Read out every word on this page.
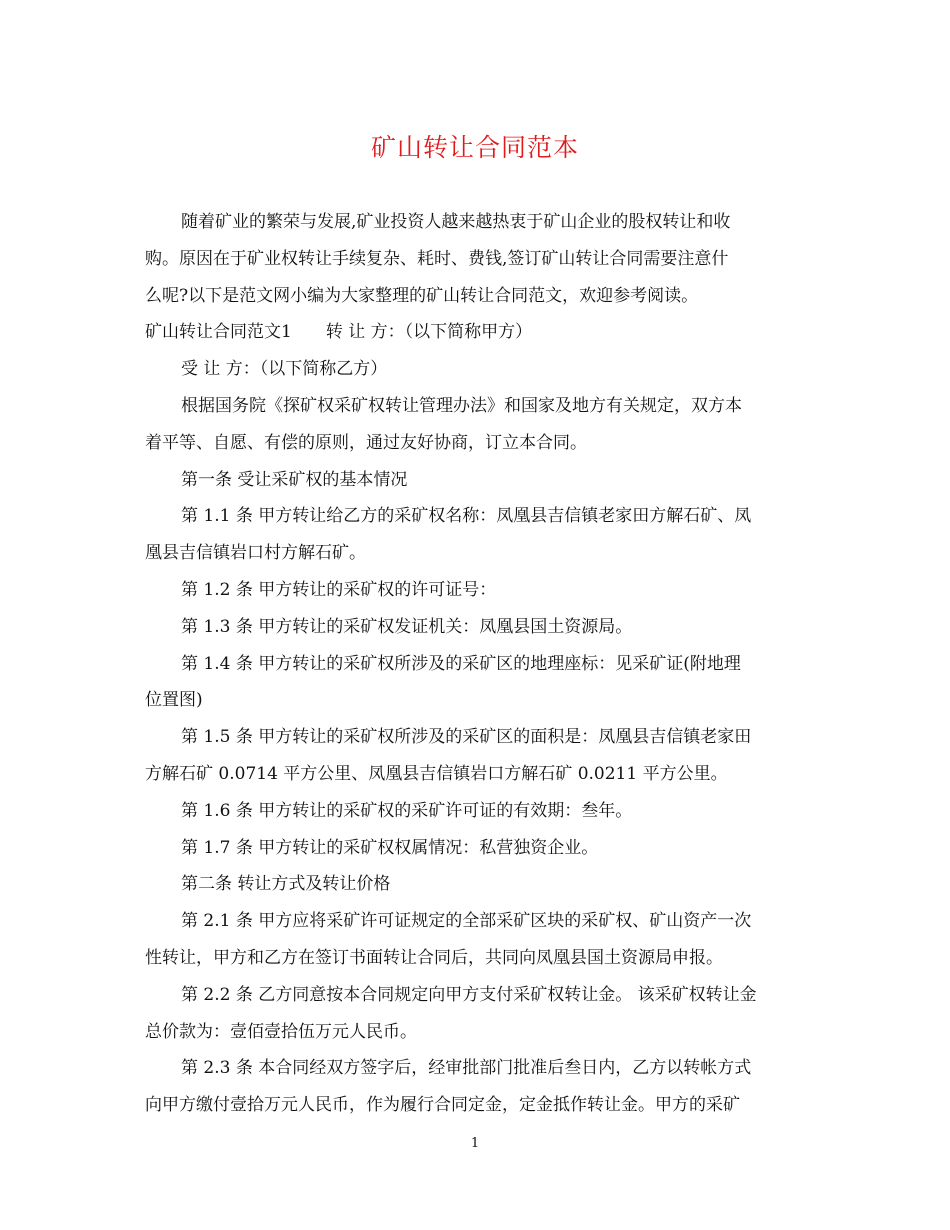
矿山转让合同范本
随着矿业的繁荣与发展,矿业投资人越来越热衷于矿山企业的股权转让和收
购。原因在于矿业权转让手续复杂、耗时、费钱,签订矿山转让合同需要注意什
么呢?以下是范文网小编为大家整理的矿山转让合同范文，欢迎参考阅读。
矿山转让合同范文1 转 让 方：（以下简称甲方）
受 让 方：（以下简称乙方）
根据国务院《探矿权采矿权转让管理办法》和国家及地方有关规定，双方本
着平等、自愿、有偿的原则，通过友好协商，订立本合同。
第一条 受让采矿权的基本情况
第 1.1 条 甲方转让给乙方的采矿权名称：凤凰县吉信镇老家田方解石矿、凤
凰县吉信镇岩口村方解石矿。
第 1.2 条 甲方转让的采矿权的许可证号：
第 1.3 条 甲方转让的采矿权发证机关：凤凰县国土资源局。
第 1.4 条 甲方转让的采矿权所涉及的采矿区的地理座标：见采矿证(附地理
位置图)
第 1.5 条 甲方转让的采矿权所涉及的采矿区的面积是：凤凰县吉信镇老家田
方解石矿 0.0714 平方公里、凤凰县吉信镇岩口方解石矿 0.0211 平方公里。
第 1.6 条 甲方转让的采矿权的采矿许可证的有效期：叁年。
第 1.7 条 甲方转让的采矿权权属情况：私营独资企业。
第二条 转让方式及转让价格
第 2.1 条 甲方应将采矿许可证规定的全部采矿区块的采矿权、矿山资产一次
性转让，甲方和乙方在签订书面转让合同后，共同向凤凰县国土资源局申报。
第 2.2 条 乙方同意按本合同规定向甲方支付采矿权转让金。 该采矿权转让金
总价款为：壹佰壹拾伍万元人民币。
第 2.3 条 本合同经双方签字后，经审批部门批准后叁日内，乙方以转帐方式
向甲方缴付壹拾万元人民币，作为履行合同定金，定金抵作转让金。甲方的采矿
1
